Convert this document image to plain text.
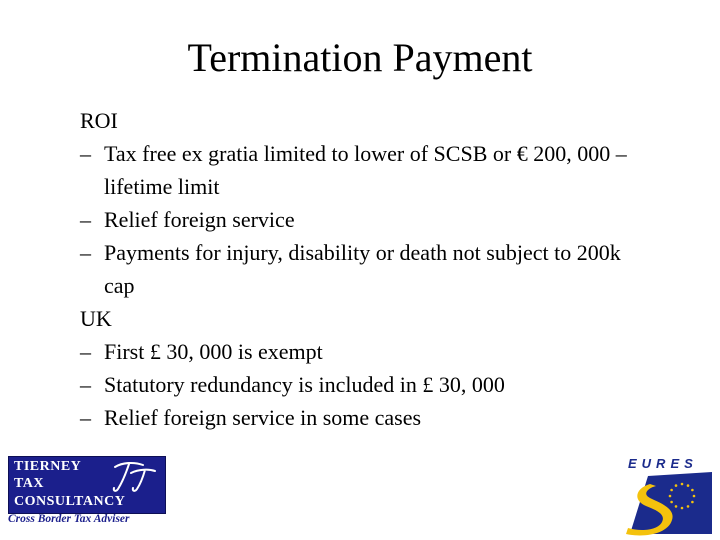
Termination Payment
ROI
– Tax free ex gratia limited to lower of SCSB or € 200, 000 –
lifetime limit
– Relief foreign service
– Payments for injury, disability or death not subject to 200k
cap
UK
– First £ 30, 000 is exempt
– Statutory redundancy is included in £ 30, 000
– Relief foreign service in some cases
TIERNEY
TAX
CONSULTANCY
Cross Border Tax Adviser
EURES
